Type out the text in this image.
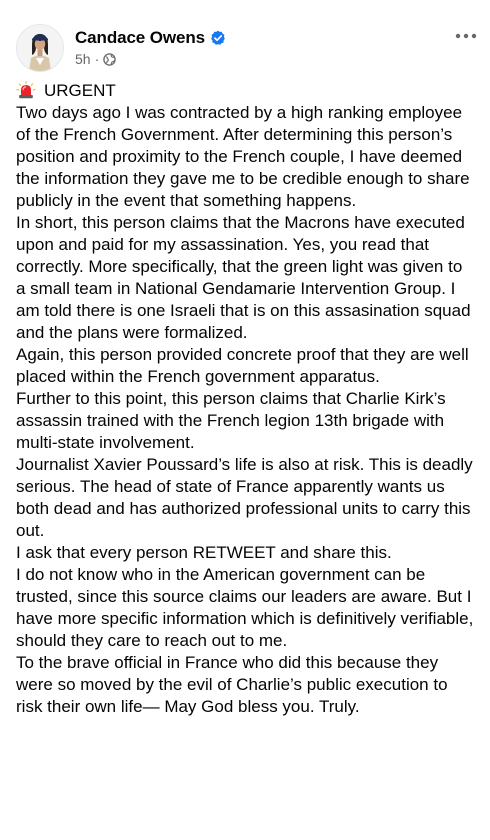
Candace Owens
5h ·
URGENT

Two days ago I was contracted by a high ranking employee of the French Government. After determining this person’s position and proximity to the French couple, I have deemed the information they gave me to be credible enough to share publicly in the event that something happens.

In short, this person claims that the Macrons have executed upon and paid for my assassination. Yes, you read that correctly. More specifically, that the green light was given to a small team in National Gendamarie Intervention Group. I am told there is one Israeli that is on this assasination squad and the plans were formalized.

Again, this person provided concrete proof that they are well placed within the French government apparatus.

Further to this point, this person claims that Charlie Kirk’s assassin trained with the French legion 13th brigade with multi-state involvement.

Journalist Xavier Poussard’s life is also at risk. This is deadly serious. The head of state of France apparently wants us both dead and has authorized professional units to carry this out.

I ask that every person RETWEET and share this.

I do not know who in the American government can be trusted, since this source claims our leaders are aware. But I have more specific information which is definitively verifiable, should they care to reach out to me.

To the brave official in France who did this because they were so moved by the evil of Charlie’s public execution to risk their own life— May God bless you. Truly.
